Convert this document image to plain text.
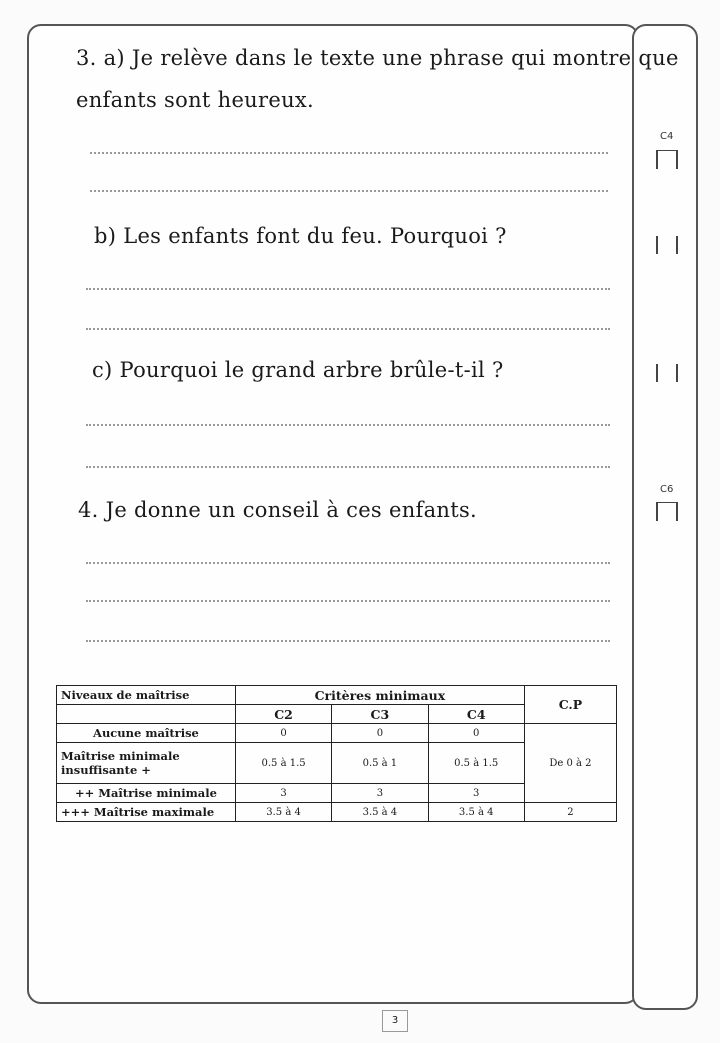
3. a) Je relève dans le texte une phrase qui montre que
enfants sont heureux.
b) Les enfants font du feu. Pourquoi ?
c) Pourquoi le grand arbre brûle-t-il ?
4. Je donne un conseil à ces enfants.
C4
C6
Niveaux de maîtrise	Critères minimaux			C.P
	C2	C3	C4	
Aucune maîtrise	0	0	0	De 0 à 2
Maîtrise minimale insuffisante +	0.5 à 1.5	0.5 à 1	0.5 à 1.5	
++ Maîtrise minimale	3	3	3	
+++ Maîtrise maximale	3.5 à 4	3.5 à 4	3.5 à 4	2
3
